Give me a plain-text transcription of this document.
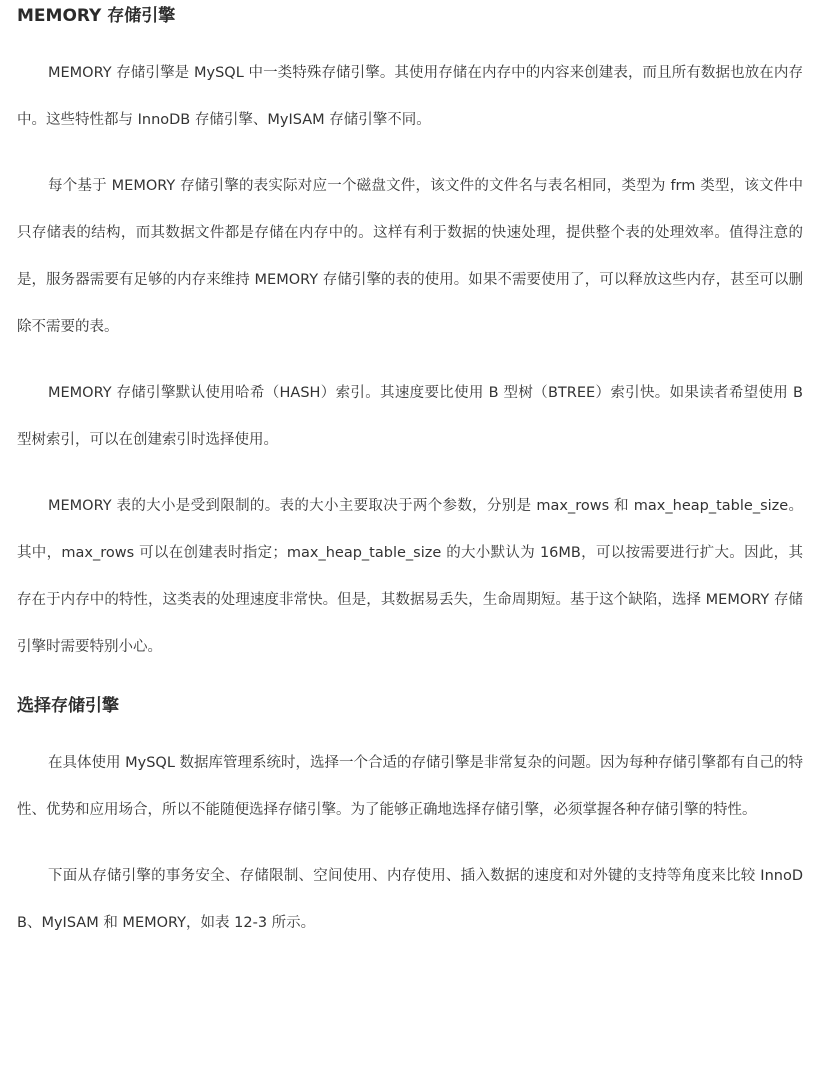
MEMORY 存储引擎

MEMORY 存储引擎是 MySQL 中一类特殊存储引擎。其使用存储在内存中的内容来创建表，而且所有数据也放在内存中。这些特性都与 InnoDB 存储引擎、MyISAM 存储引擎不同。

每个基于 MEMORY 存储引擎的表实际对应一个磁盘文件，该文件的文件名与表名相同，类型为 frm 类型，该文件中只存储表的结构，而其数据文件都是存储在内存中的。这样有利于数据的快速处理，提供整个表的处理效率。值得注意的是，服务器需要有足够的内存来维持 MEMORY 存储引擎的表的使用。如果不需要使用了，可以释放这些内存，甚至可以删除不需要的表。

MEMORY 存储引擎默认使用哈希（HASH）索引。其速度要比使用 B 型树（BTREE）索引快。如果读者希望使用 B 型树索引，可以在创建索引时选择使用。

MEMORY 表的大小是受到限制的。表的大小主要取决于两个参数，分别是 max_rows 和 max_heap_table_size。其中，max_rows 可以在创建表时指定；max_heap_table_size 的大小默认为 16MB，可以按需要进行扩大。因此，其存在于内存中的特性，这类表的处理速度非常快。但是，其数据易丢失，生命周期短。基于这个缺陷，选择 MEMORY 存储引擎时需要特别小心。

选择存储引擎

在具体使用 MySQL 数据库管理系统时，选择一个合适的存储引擎是非常复杂的问题。因为每种存储引擎都有自己的特性、优势和应用场合，所以不能随便选择存储引擎。为了能够正确地选择存储引擎，必须掌握各种存储引擎的特性。

下面从存储引擎的事务安全、存储限制、空间使用、内存使用、插入数据的速度和对外键的支持等角度来比较 InnoDB、MyISAM 和 MEMORY，如表 12-3 所示。
